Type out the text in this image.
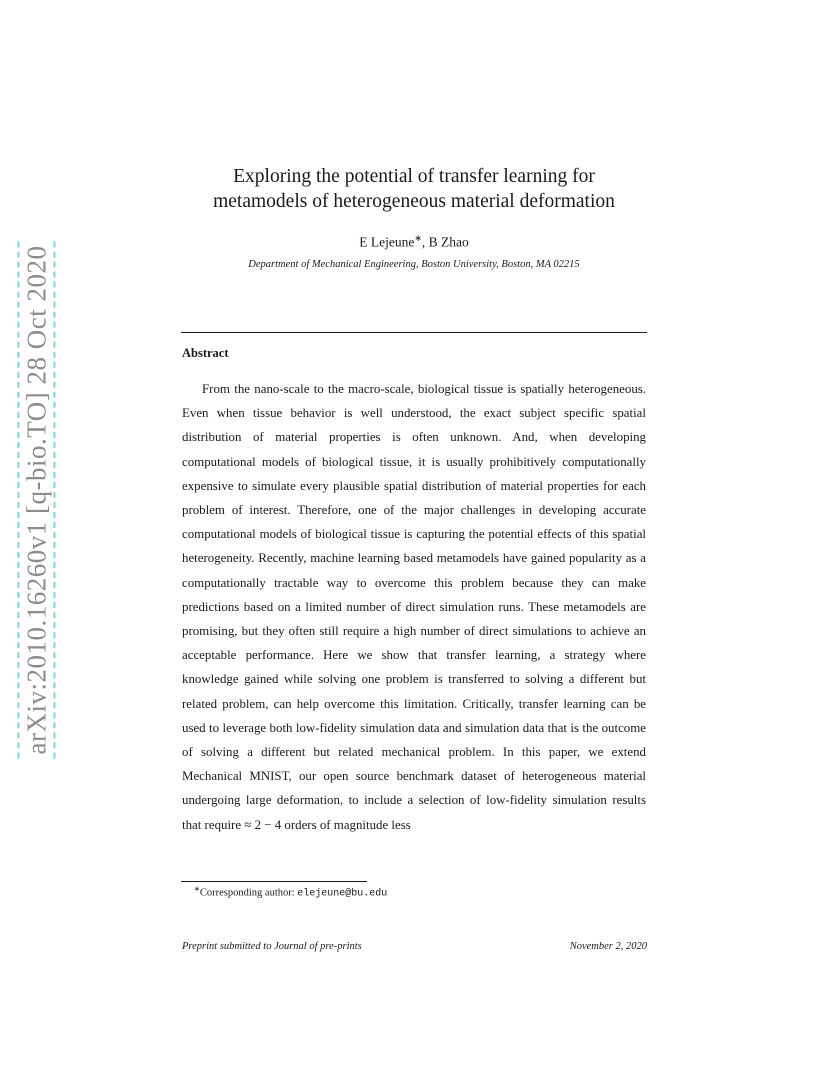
arXiv:2010.16260v1 [q-bio.TO] 28 Oct 2020
Exploring the potential of transfer learning for
metamodels of heterogeneous material deformation
E Lejeune∗, B Zhao
Department of Mechanical Engineering, Boston University, Boston, MA 02215
Abstract

From the nano-scale to the macro-scale, biological tissue is spatially heterogeneous. Even when tissue behavior is well understood, the exact subject specific spatial distribution of material properties is often unknown. And, when developing computational models of biological tissue, it is usually prohibitively computationally expensive to simulate every plausible spatial distribution of material properties for each problem of interest. Therefore, one of the major challenges in developing accurate computational models of biological tissue is capturing the potential effects of this spatial heterogeneity. Recently, machine learning based metamodels have gained popularity as a computationally tractable way to overcome this problem because they can make predictions based on a limited number of direct simulation runs. These metamodels are promising, but they often still require a high number of direct simulations to achieve an acceptable performance. Here we show that transfer learning, a strategy where knowledge gained while solving one problem is transferred to solving a different but related problem, can help overcome this limitation. Critically, transfer learning can be used to leverage both low-fidelity simulation data and simulation data that is the outcome of solving a different but related mechanical problem. In this paper, we extend Mechanical MNIST, our open source benchmark dataset of heterogeneous material undergoing large deformation, to include a selection of low-fidelity simulation results that require ≈ 2 − 4 orders of magnitude less

∗Corresponding author: elejeune@bu.edu
Preprint submitted to Journal of pre-prints	November 2, 2020
